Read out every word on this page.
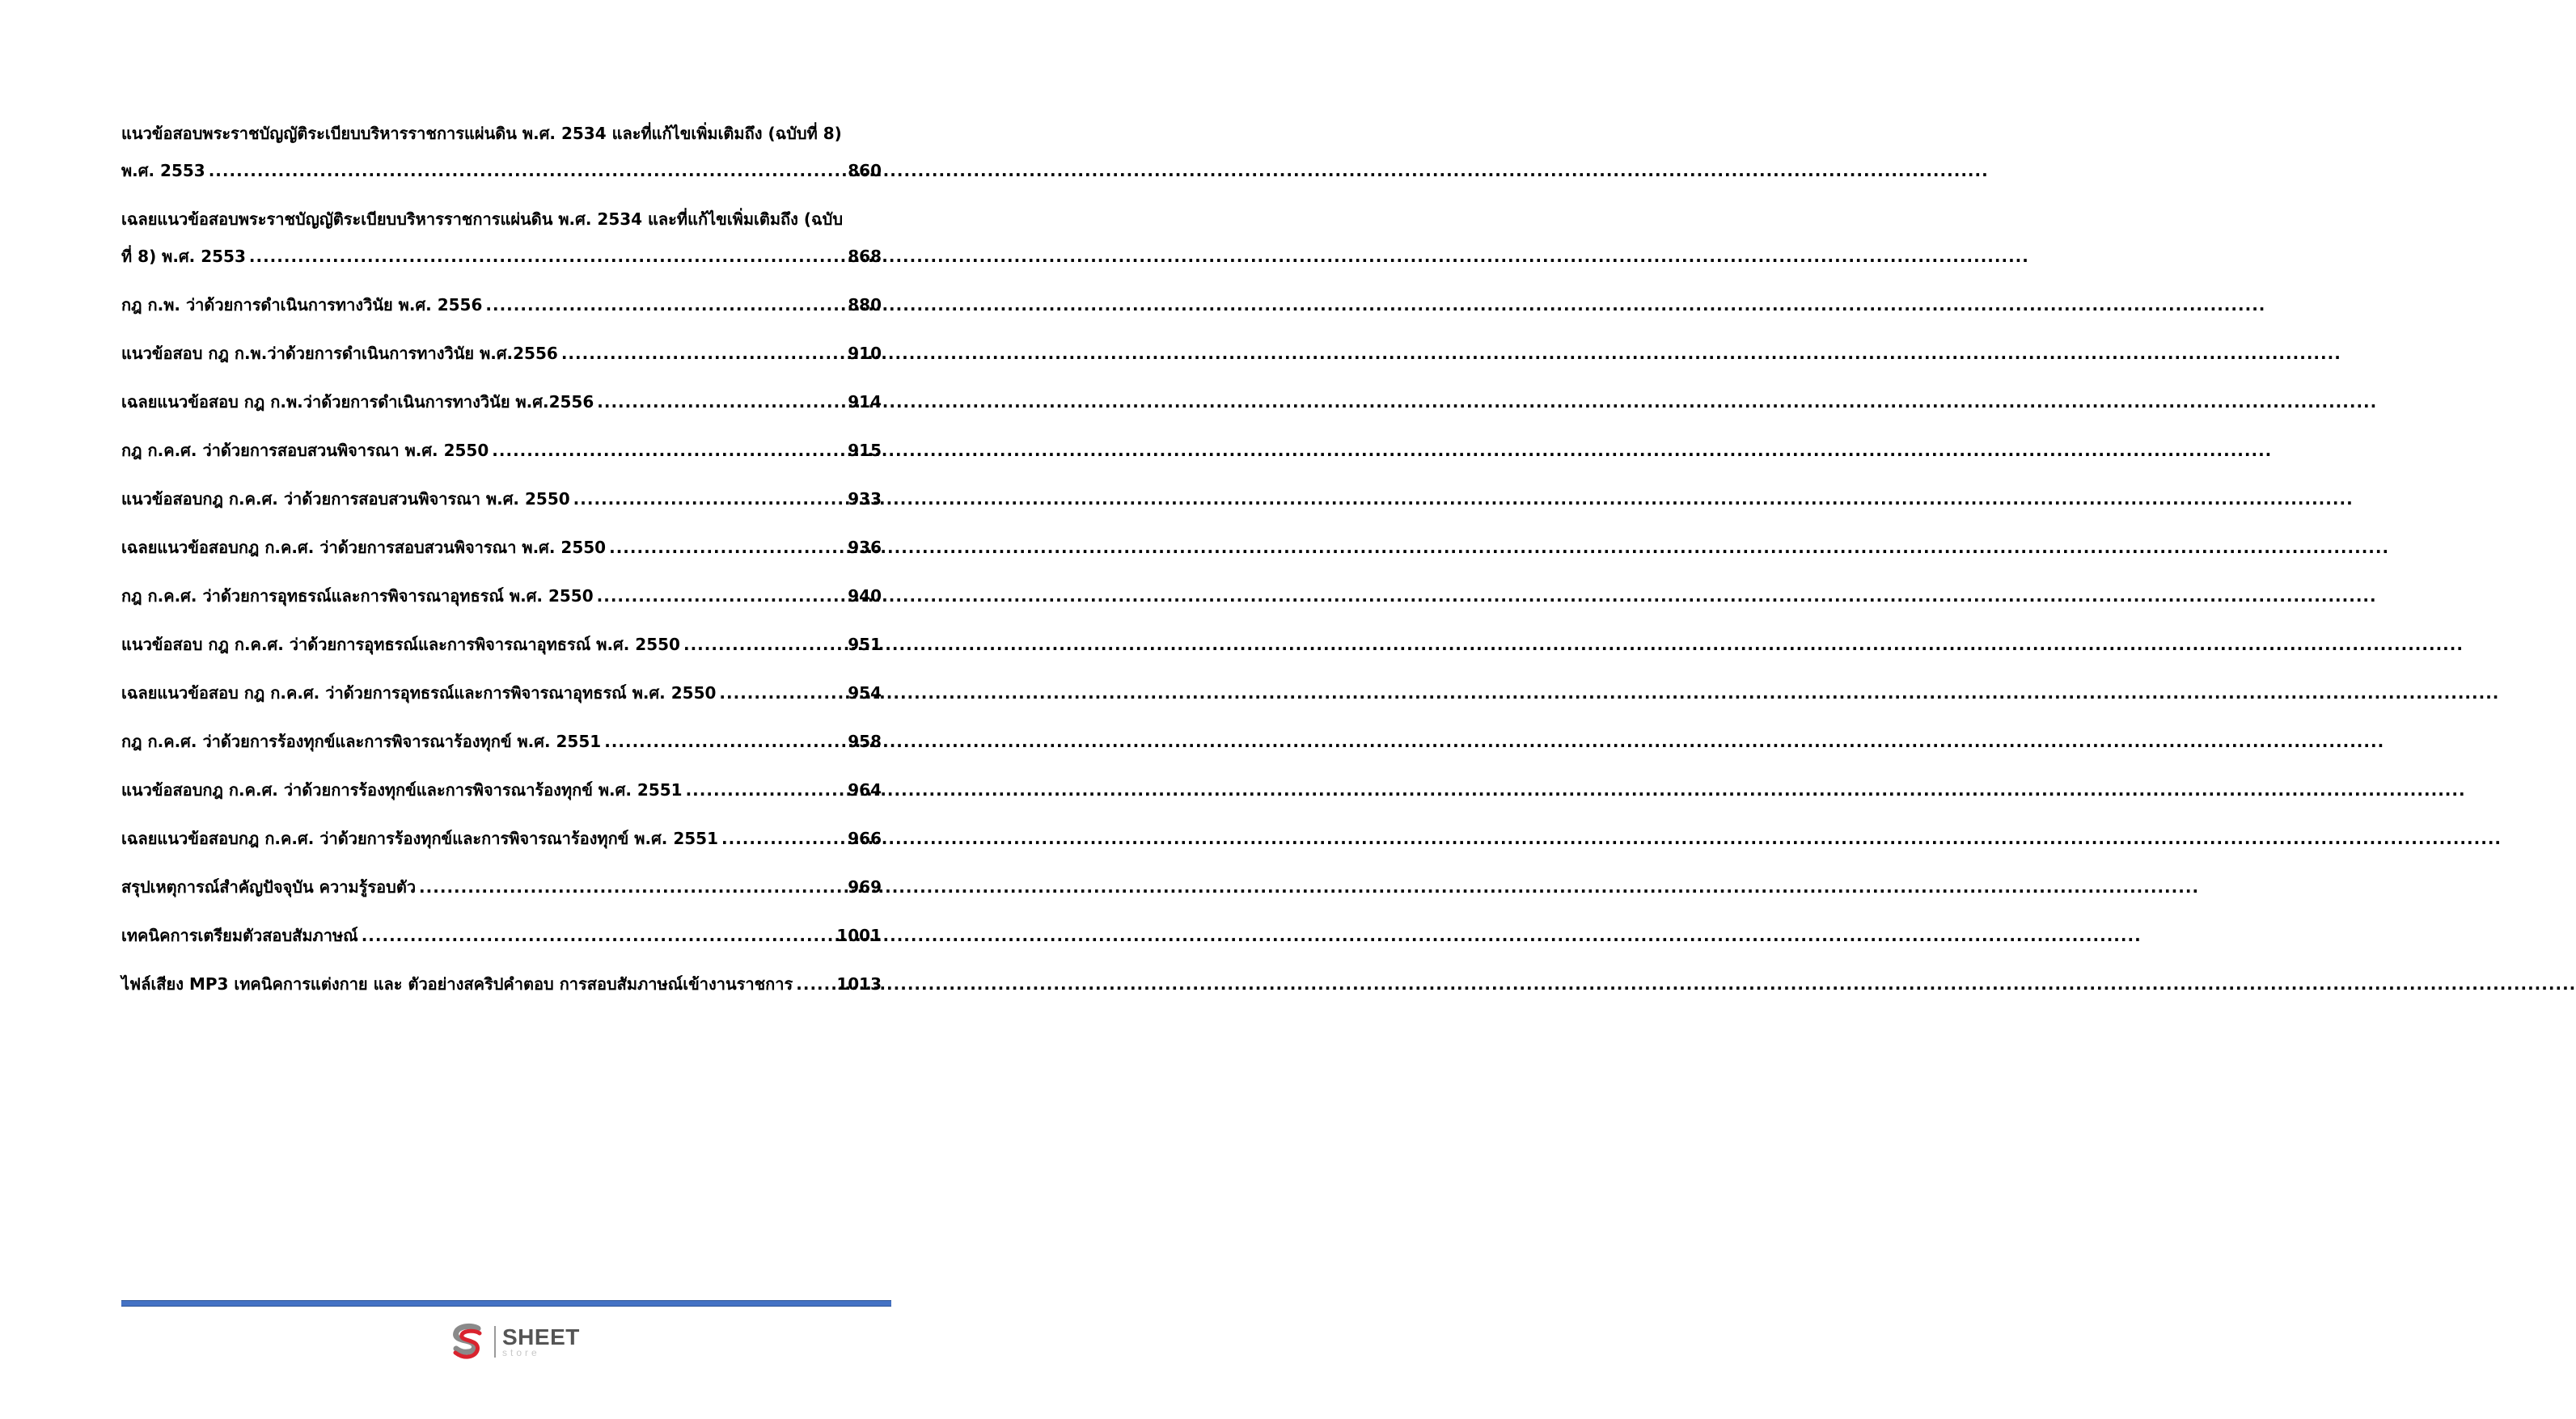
แนวข้อสอบพระราชบัญญัติระเบียบบริหารราชการแผ่นดิน พ.ศ. 2534 และที่แก้ไขเพิ่มเติมถึง (ฉบับที่ 8)
พ.ศ. 2553 .....	860
เฉลยแนวข้อสอบพระราชบัญญัติระเบียบบริหารราชการแผ่นดิน พ.ศ. 2534 และที่แก้ไขเพิ่มเติมถึง (ฉบับ
ที่ 8) พ.ศ. 2553 .....	868
กฎ ก.พ. ว่าด้วยการดำเนินการทางวินัย พ.ศ. 2556 .....	880
แนวข้อสอบ กฎ ก.พ.ว่าด้วยการดำเนินการทางวินัย พ.ศ.2556 .....	910
เฉลยแนวข้อสอบ กฎ ก.พ.ว่าด้วยการดำเนินการทางวินัย พ.ศ.2556 .....	914
กฎ ก.ค.ศ. ว่าด้วยการสอบสวนพิจารณา พ.ศ. 2550 .....	915
แนวข้อสอบกฎ ก.ค.ศ. ว่าด้วยการสอบสวนพิจารณา พ.ศ. 2550 .....	933
เฉลยแนวข้อสอบกฎ ก.ค.ศ. ว่าด้วยการสอบสวนพิจารณา พ.ศ. 2550 .....	936
กฎ ก.ค.ศ. ว่าด้วยการอุทธรณ์และการพิจารณาอุทธรณ์ พ.ศ. 2550 .....	940
แนวข้อสอบ กฎ ก.ค.ศ. ว่าด้วยการอุทธรณ์และการพิจารณาอุทธรณ์ พ.ศ. 2550 .....	951
เฉลยแนวข้อสอบ กฎ ก.ค.ศ. ว่าด้วยการอุทธรณ์และการพิจารณาอุทธรณ์ พ.ศ. 2550 .....	954
กฎ ก.ค.ศ. ว่าด้วยการร้องทุกข์และการพิจารณาร้องทุกข์ พ.ศ. 2551 .....	958
แนวข้อสอบกฎ ก.ค.ศ. ว่าด้วยการร้องทุกข์และการพิจารณาร้องทุกข์ พ.ศ. 2551 .....	964
เฉลยแนวข้อสอบกฎ ก.ค.ศ. ว่าด้วยการร้องทุกข์และการพิจารณาร้องทุกข์ พ.ศ. 2551 .....	966
สรุปเหตุการณ์สำคัญปัจจุบัน ความรู้รอบตัว .....	969
เทคนิคการเตรียมตัวสอบสัมภาษณ์ .....	1001
ไฟล์เสียง MP3 เทคนิคการแต่งกาย และ ตัวอย่างสคริปคำตอบ การสอบสัมภาษณ์เข้างานราชการ .....	1013
SHEET
store
